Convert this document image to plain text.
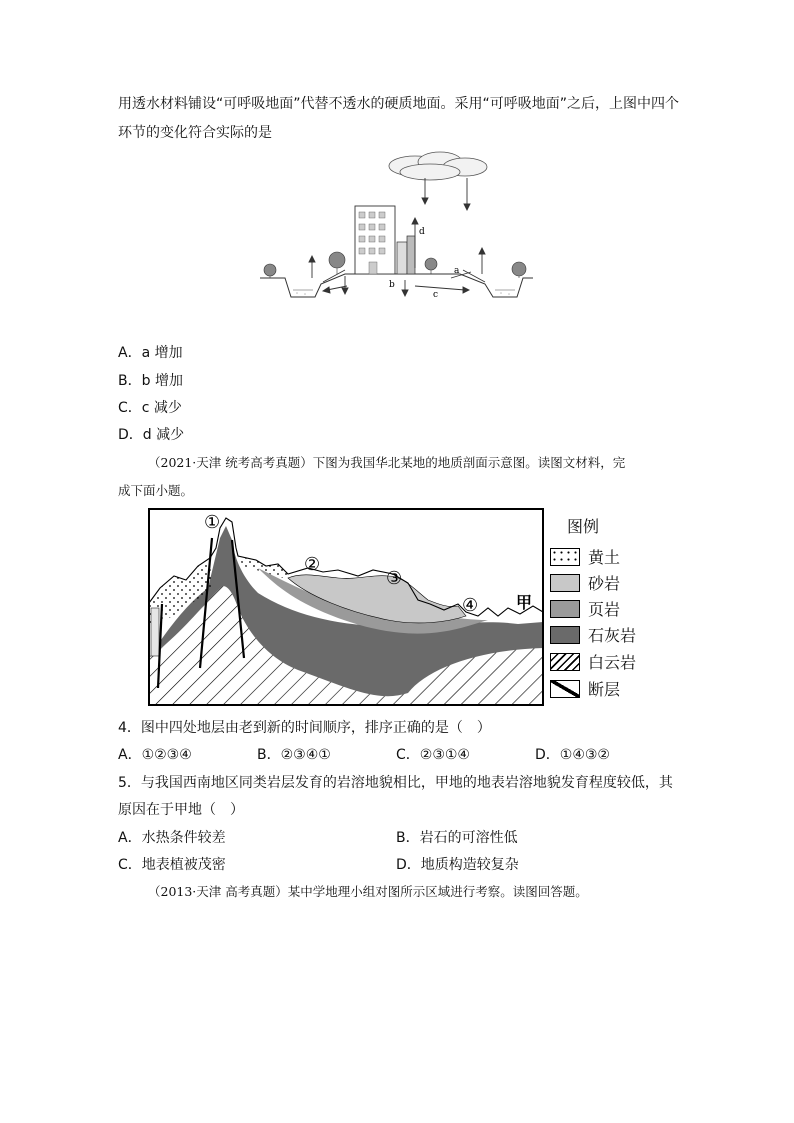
用透水材料铺设“可呼吸地面”代替不透水的硬质地面。采用“可呼吸地面”之后，上图中四个
环节的变化符合实际的是
a
b
c
d
A．a 增加
B．b 增加
C．c 减少
D．d 减少
（2021·天津 统考高考真题）下图为我国华北某地的地质剖面示意图。读图文材料，完
成下面小题。
①
②
③
④ 甲
图例
黄土
砂岩
页岩
石灰岩
白云岩
断层
4．图中四处地层由老到新的时间顺序，排序正确的是（　）
A．①②③④	B．②③④①	C．②③①④	D．①④③②
5．与我国西南地区同类岩层发育的岩溶地貌相比，甲地的地表岩溶地貌发育程度较低，其
原因在于甲地（　）
A．水热条件较差	B．岩石的可溶性低
C．地表植被茂密	D．地质构造较复杂
（2013·天津 高考真题）某中学地理小组对图所示区域进行考察。读图回答题。
